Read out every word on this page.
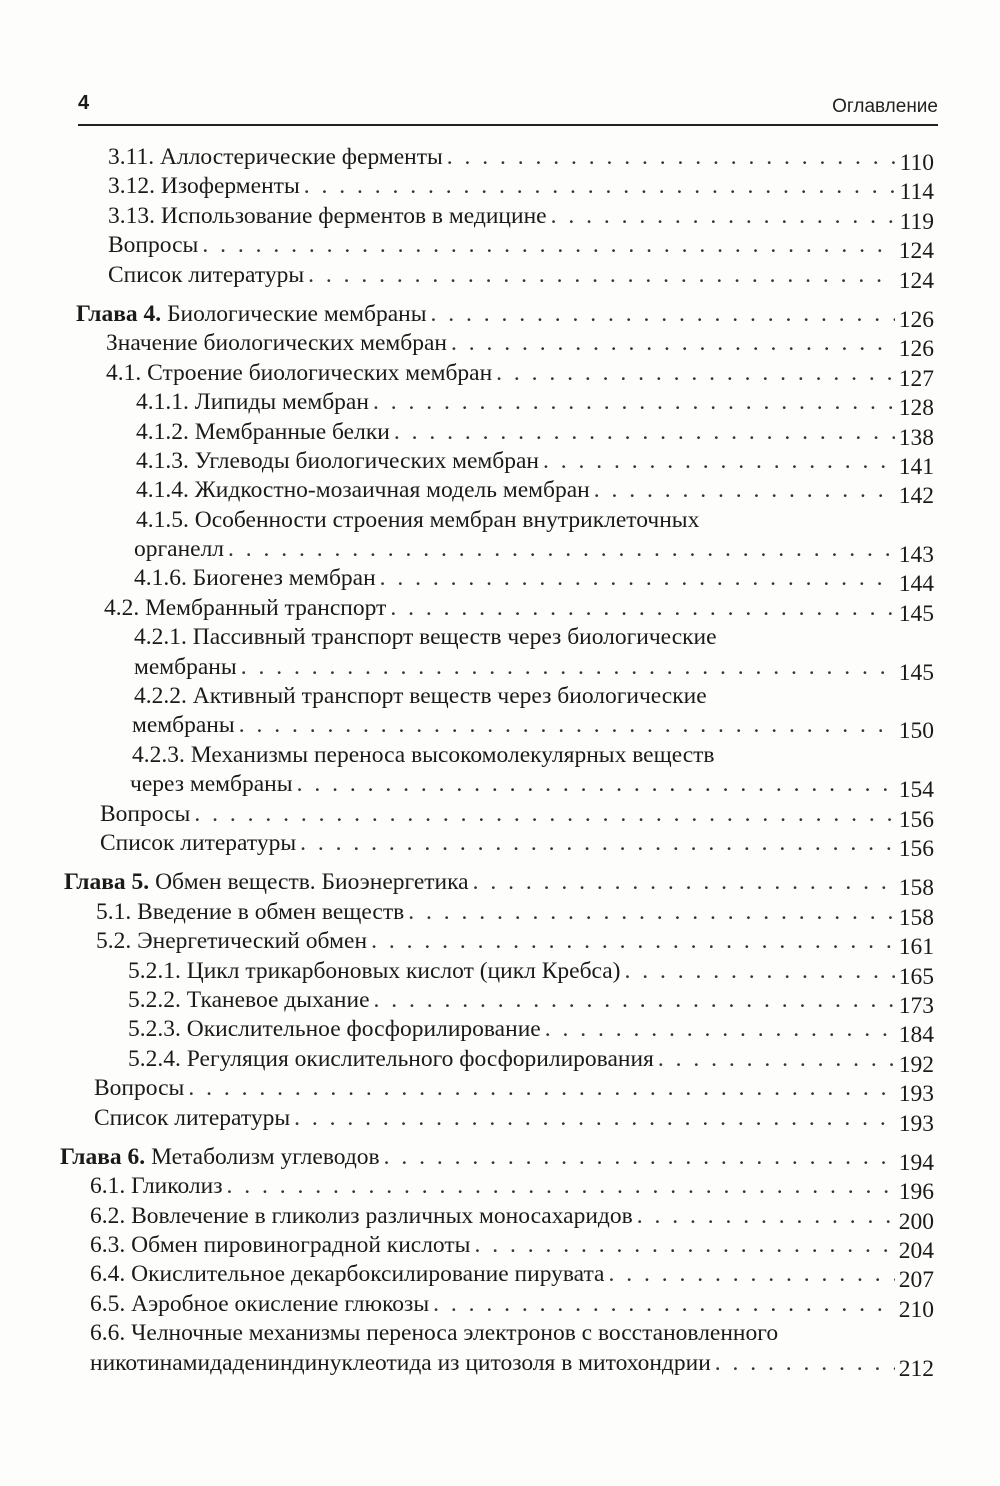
4	Оглавление
3.11. Аллостерические ферменты . . .	110
3.12. Изоферменты . . .	114
3.13. Использование ферментов в медицине . . .	119
Вопросы . . .	124
Список литературы . . .	124
Глава 4. Биологические мембраны . . .	126
Значение биологических мембран . . .	126
4.1. Строение биологических мембран . . .	127
4.1.1. Липиды мембран . . .	128
4.1.2. Мембранные белки . . .	138
4.1.3. Углеводы биологических мембран . . .	141
4.1.4. Жидкостно-мозаичная модель мембран . . .	142
4.1.5. Особенности строения мембран внутриклеточных
органелл . . .	143
4.1.6. Биогенез мембран . . .	144
4.2. Мембранный транспорт . . .	145
4.2.1. Пассивный транспорт веществ через биологические
мембраны . . .	145
4.2.2. Активный транспорт веществ через биологические
мембраны . . .	150
4.2.3. Механизмы переноса высокомолекулярных веществ
через мембраны . . .	154
Вопросы . . .	156
Список литературы . . .	156
Глава 5. Обмен веществ. Биоэнергетика . . .	158
5.1. Введение в обмен веществ . . .	158
5.2. Энергетический обмен . . .	161
5.2.1. Цикл трикарбоновых кислот (цикл Кребса) . . .	165
5.2.2. Тканевое дыхание . . .	173
5.2.3. Окислительное фосфорилирование . . .	184
5.2.4. Регуляция окислительного фосфорилирования . . .	192
Вопросы . . .	193
Список литературы . . .	193
Глава 6. Метаболизм углеводов . . .	194
6.1. Гликолиз . . .	196
6.2. Вовлечение в гликолиз различных моносахаридов . . .	200
6.3. Обмен пировиноградной кислоты . . .	204
6.4. Окислительное декарбоксилирование пирувата . . .	207
6.5. Аэробное окисление глюкозы . . .	210
6.6. Челночные механизмы переноса электронов с восстановленного
никотинамидадениндинуклеотида из цитозоля в митохондрии . . .	212
